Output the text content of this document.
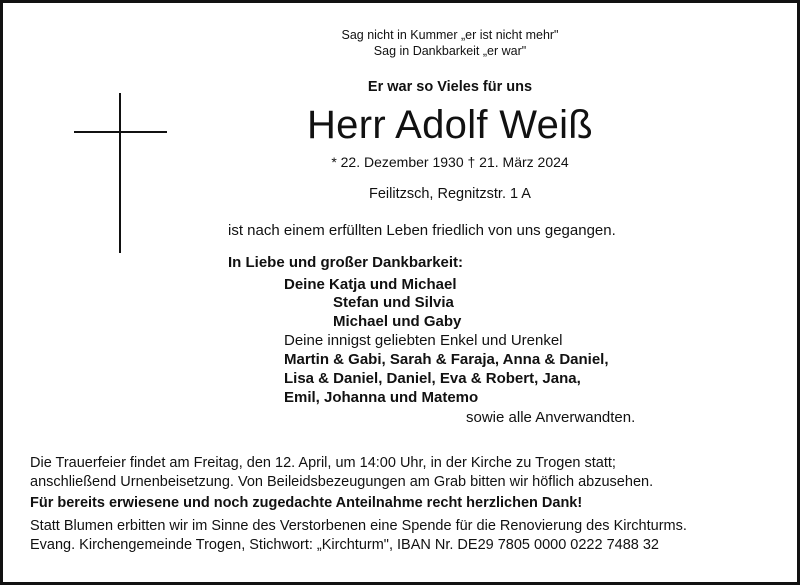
Sag nicht in Kummer „er ist nicht mehr"
Sag in Dankbarkeit „er war"
Er war so Vieles für uns
Herr Adolf Weiß
* 22. Dezember 1930 † 21. März 2024
Feilitzsch, Regnitzstr. 1 A
ist nach einem erfüllten Leben friedlich von uns gegangen.
In Liebe und großer Dankbarkeit:
Deine Katja und Michael
Stefan und Silvia
Michael und Gaby
Deine innigst geliebten Enkel und Urenkel
Martin & Gabi, Sarah & Faraja, Anna & Daniel,
Lisa & Daniel, Daniel, Eva & Robert, Jana,
Emil, Johanna und Matemo
sowie alle Anverwandten.
Die Trauerfeier findet am Freitag, den 12. April, um 14:00 Uhr, in der Kirche zu Trogen statt;
anschließend Urnenbeisetzung. Von Beileidsbezeugungen am Grab bitten wir höflich abzusehen.
Für bereits erwiesene und noch zugedachte Anteilnahme recht herzlichen Dank!
Statt Blumen erbitten wir im Sinne des Verstorbenen eine Spende für die Renovierung des Kirchturms.
Evang. Kirchengemeinde Trogen, Stichwort: „Kirchturm", IBAN Nr. DE29 7805 0000 0222 7488 32
